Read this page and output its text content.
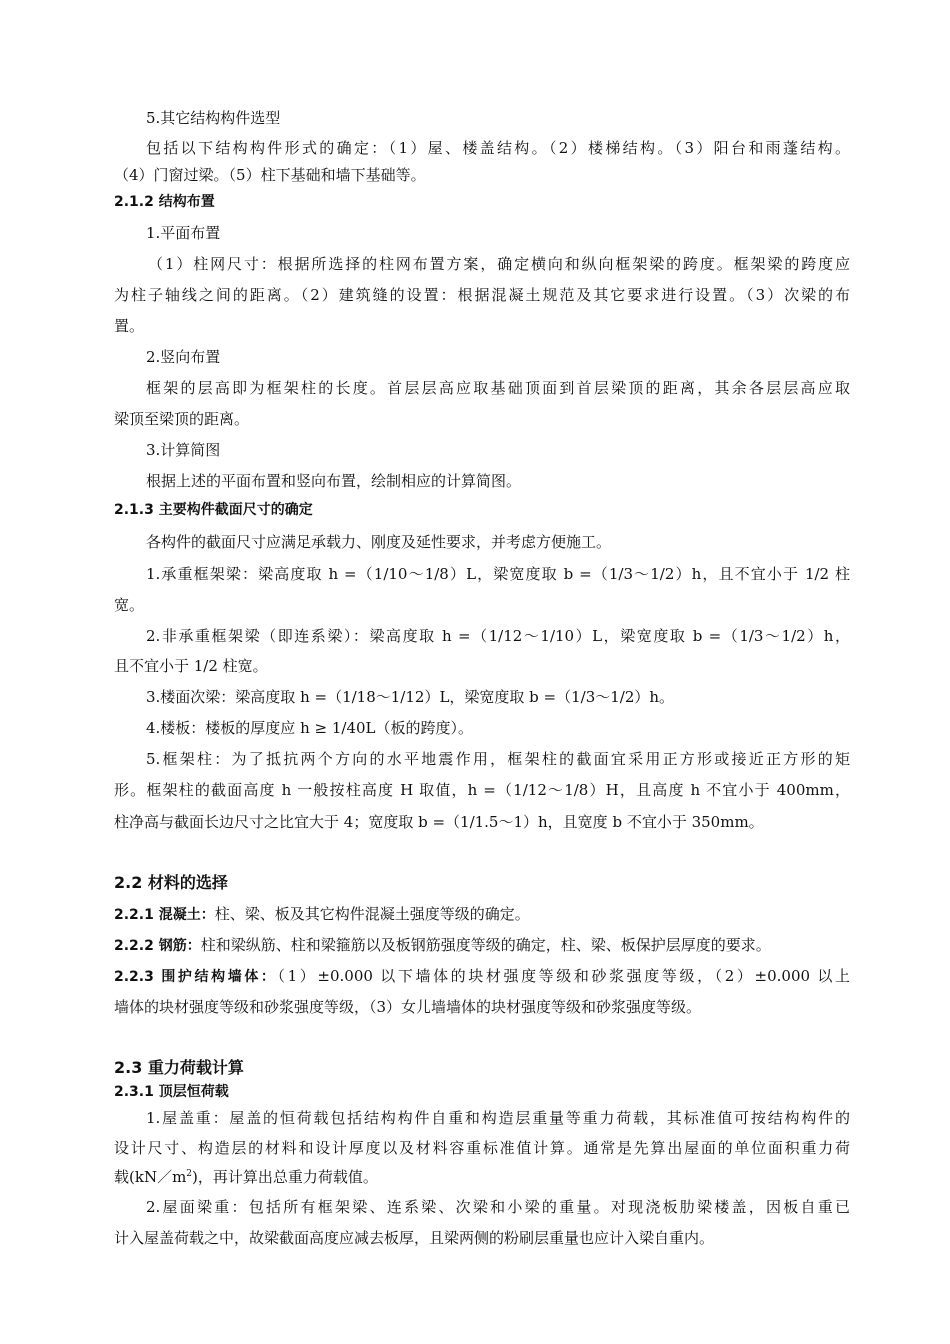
5.其它结构构件选型
包括以下结构构件形式的确定：（1）屋、楼盖结构。（2）楼梯结构。（3）阳台和雨蓬结构。
（4）门窗过梁。（5）柱下基础和墙下基础等。
2.1.2 结构布置
1.平面布置
（1）柱网尺寸：根据所选择的柱网布置方案，确定横向和纵向框架梁的跨度。框架梁的跨度应
为柱子轴线之间的距离。（2）建筑缝的设置：根据混凝土规范及其它要求进行设置。（3）次梁的布
置。
2.竖向布置
框架的层高即为框架柱的长度。首层层高应取基础顶面到首层梁顶的距离，其余各层层高应取
梁顶至梁顶的距离。
3.计算简图
根据上述的平面布置和竖向布置，绘制相应的计算简图。
2.1.3 主要构件截面尺寸的确定
各构件的截面尺寸应满足承载力、刚度及延性要求，并考虑方便施工。
1.承重框架梁：梁高度取 h =（1/10～1/8）L，梁宽度取 b =（1/3～1/2）h，且不宜小于 1/2 柱
宽。
2.非承重框架梁（即连系梁）：梁高度取 h =（1/12～1/10）L，梁宽度取 b =（1/3～1/2）h，
且不宜小于 1/2 柱宽。
3.楼面次梁：梁高度取 h =（1/18～1/12）L，梁宽度取 b =（1/3～1/2）h。
4.楼板：楼板的厚度应 h ≥ 1/40L（板的跨度）。
5.框架柱：为了抵抗两个方向的水平地震作用，框架柱的截面宜采用正方形或接近正方形的矩
形。框架柱的截面高度 h 一般按柱高度 H 取值，h =（1/12～1/8）H，且高度 h 不宜小于 400mm，
柱净高与截面长边尺寸之比宜大于 4；宽度取 b =（1/1.5～1）h，且宽度 b 不宜小于 350mm。
2.2 材料的选择
2.2.1 混凝土：柱、梁、板及其它构件混凝土强度等级的确定。
2.2.2 钢筋：柱和梁纵筋、柱和梁箍筋以及板钢筋强度等级的确定，柱、梁、板保护层厚度的要求。
2.2.3 围护结构墙体：（1）±0.000 以下墙体的块材强度等级和砂浆强度等级，（2）±0.000 以上
墙体的块材强度等级和砂浆强度等级，（3）女儿墙墙体的块材强度等级和砂浆强度等级。
2.3 重力荷载计算
2.3.1 顶层恒荷载
1.屋盖重：屋盖的恒荷载包括结构构件自重和构造层重量等重力荷载，其标准值可按结构构件的
设计尺寸、构造层的材料和设计厚度以及材料容重标准值计算。通常是先算出屋面的单位面积重力荷
载$(kN/m^2)$，再计算出总重力荷载值。
2.屋面梁重：包括所有框架梁、连系梁、次梁和小梁的重量。对现浇板肋梁楼盖，因板自重已
计入屋盖荷载之中，故梁截面高度应减去板厚，且梁两侧的粉刷层重量也应计入梁自重内。
